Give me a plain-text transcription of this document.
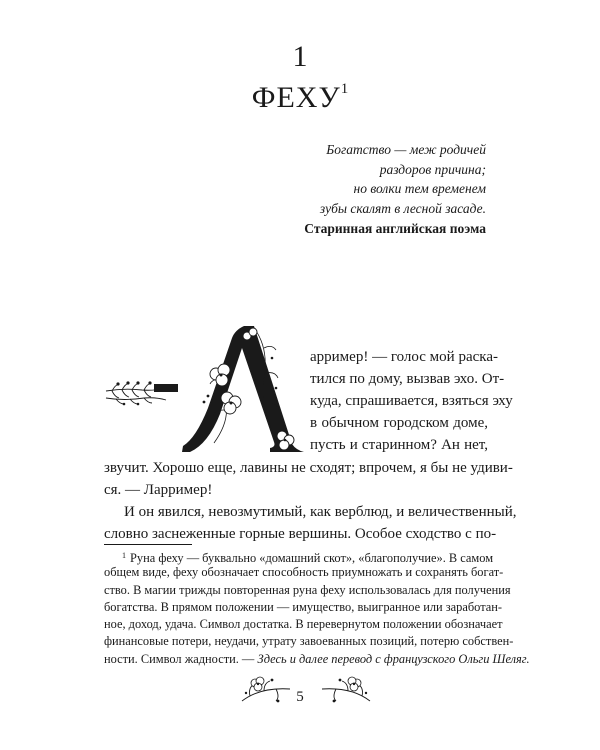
1
ФЕХУ$^1$
Богатство — меж родичей
раздоров причина;
но волки тем временем
зубы скалят в лесной засаде.
Старинная английская поэма
арример! — голос мой раска-
тился по дому, вызвав эхо. От-
куда, спрашивается, взяться эху
в обычном городском доме,
пусть и старинном? Ан нет,
звучит. Хорошо еще, лавины не сходят; впрочем, я бы не удиви-
ся. — Ларример!
И он явился, невозмутимый, как верблюд, и величественный,
словно заснеженные горные вершины. Особое сходство с по-
$^1$ Руна феху — буквально «домашний скот», «благополучие». В самом
общем виде, феху обозначает способность приумножать и сохранять богат-
ство. В магии трижды повторенная руна феху использовалась для получения
богатства. В прямом положении — имущество, выигранное или заработан-
ное, доход, удача. Символ достатка. В перевернутом положении обозначает
финансовые потери, неудачи, утрату завоеванных позиций, потерю собствен-
ности. Символ жадности. — Здесь и далее перевод с французского Ольги Шеляг.
5
